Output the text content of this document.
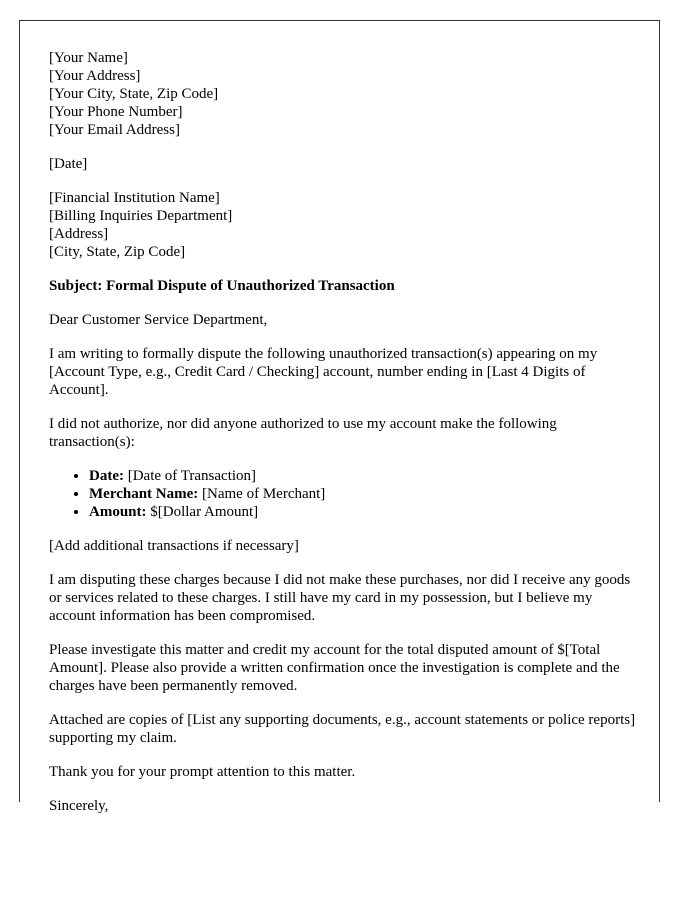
[Your Name]
[Your Address]
[Your City, State, Zip Code]
[Your Phone Number]
[Your Email Address]

[Date]

[Financial Institution Name]
[Billing Inquiries Department]
[Address]
[City, State, Zip Code]

Subject: Formal Dispute of Unauthorized Transaction

Dear Customer Service Department,

I am writing to formally dispute the following unauthorized transaction(s) appearing on my [Account Type, e.g., Credit Card / Checking] account, number ending in [Last 4 Digits of Account].

I did not authorize, nor did anyone authorized to use my account make the following transaction(s):

• Date: [Date of Transaction]
• Merchant Name: [Name of Merchant]
• Amount: $[Dollar Amount]

[Add additional transactions if necessary]

I am disputing these charges because I did not make these purchases, nor did I receive any goods or services related to these charges. I still have my card in my possession, but I believe my account information has been compromised.

Please investigate this matter and credit my account for the total disputed amount of $[Total Amount]. Please also provide a written confirmation once the investigation is complete and the charges have been permanently removed.

Attached are copies of [List any supporting documents, e.g., account statements or police reports] supporting my claim.

Thank you for your prompt attention to this matter.

Sincerely,
